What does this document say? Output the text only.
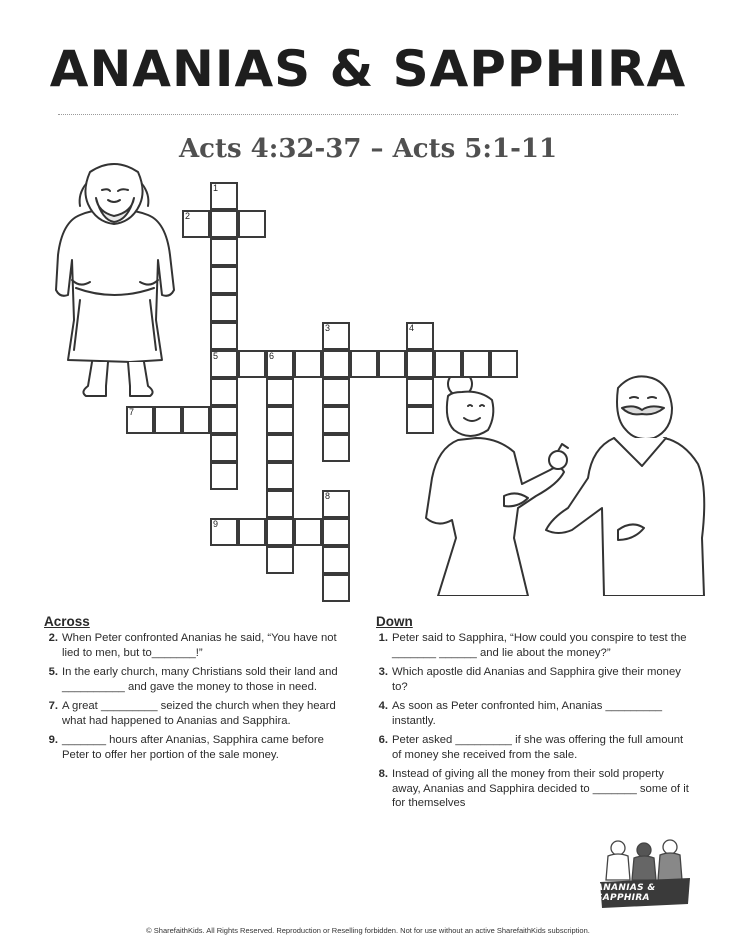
ANANIAS & SAPPHIRA
Acts 4:32-37 – Acts 5:1-11
1
5
2
3	4
6
7
8
9
Across
2. When Peter confronted Ananias he said, “You have not lied to men, but to_______!”
5. In the early church, many Christians sold their land and __________ and gave the money to those in need.
7. A great _________ seized the church when they heard what had happened to Ananias and Sapphira.
9. _______ hours after Ananias, Sapphira came before Peter to offer her portion of the sale money.
Down
1. Peter said to Sapphira, “How could you conspire to test the _______ ______ and lie about the money?”
3. Which apostle did Ananias and Sapphira give their money to?
4. As soon as Peter confronted him, Ananias _________ instantly.
6. Peter asked _________ if she was offering the full amount of money she received from the sale.
8. Instead of giving all the money from their sold property away, Ananias and Sapphira decided to _______ some of it for themselves
ANANIAS & SAPPHIRA
© SharefaithKids. All Rights Reserved. Reproduction or Reselling forbidden. Not for use without an active SharefaithKids subscription.
